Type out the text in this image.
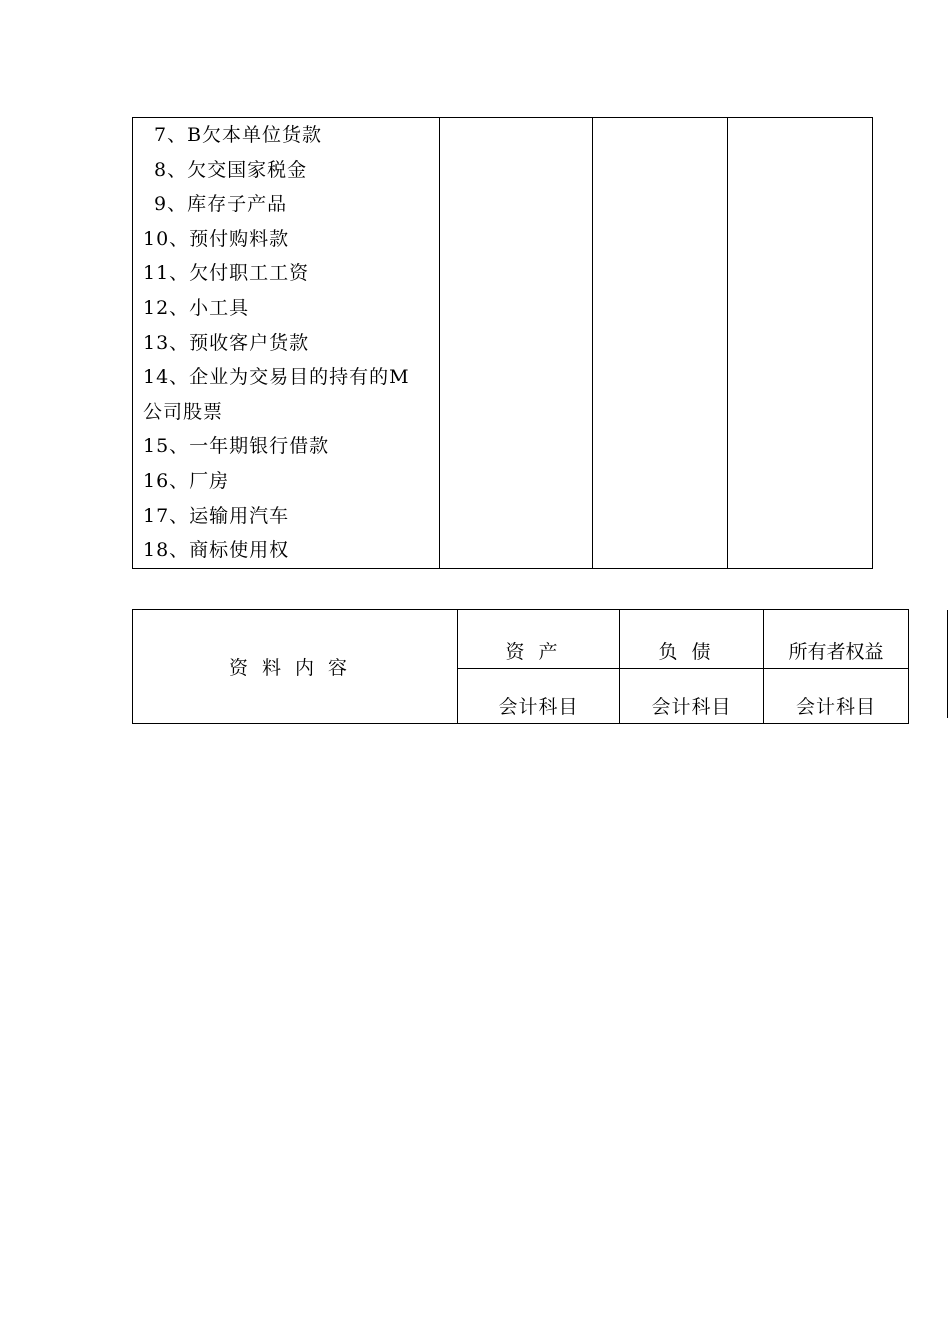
7、B欠本单位货款
8、欠交国家税金
9、库存子产品
10、预付购料款
11、欠付职工工资
12、小工具
13、预收客户货款
14、企业为交易目的持有的M
公司股票
15、一年期银行借款
16、厂房
17、运输用汽车
18、商标使用权

资料内容	资产	负债	所有者权益
	会计科目	会计科目	会计科目
